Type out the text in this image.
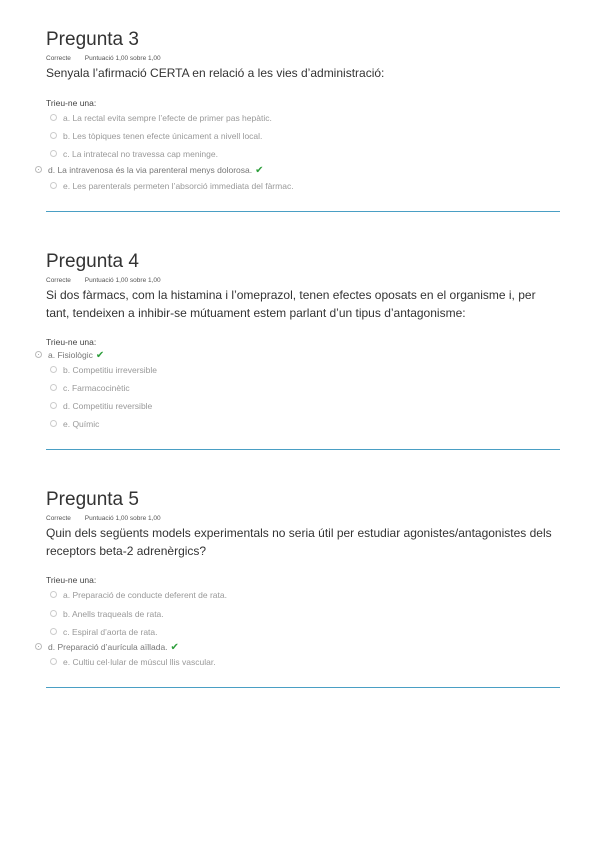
Pregunta 3
Correcte Puntuació 1,00 sobre 1,00
Senyala l’afirmació CERTA en relació a les vies d’administració:
Trieu-ne una:
a. La rectal evita sempre l’efecte de primer pas hepàtic.
b. Les tòpiques tenen efecte únicament a nivell local.
c. La intratecal no travessa cap meninge.
d. La intravenosa és la via parenteral menys dolorosa. ✔
e. Les parenterals permeten l’absorció immediata del fàrmac.
Pregunta 4
Correcte Puntuació 1,00 sobre 1,00
Si dos fàrmacs, com la histamina i l’omeprazol, tenen efectes oposats en el organisme i, per tant, tendeixen a inhibir-se mútuament estem parlant d’un tipus d’antagonisme:
Trieu-ne una:
a. Fisiològic ✔
b. Competitiu irreversible
c. Farmacocinètic
d. Competitiu reversible
e. Químic
Pregunta 5
Correcte Puntuació 1,00 sobre 1,00
Quin dels següents models experimentals no seria útil per estudiar agonistes/antagonistes dels receptors beta-2 adrenèrgics?
Trieu-ne una:
a. Preparació de conducte deferent de rata.
b. Anells traqueals de rata.
c. Espiral d’aorta de rata.
d. Preparació d’aurícula aïllada. ✔
e. Cultiu cel·lular de múscul llis vascular.
